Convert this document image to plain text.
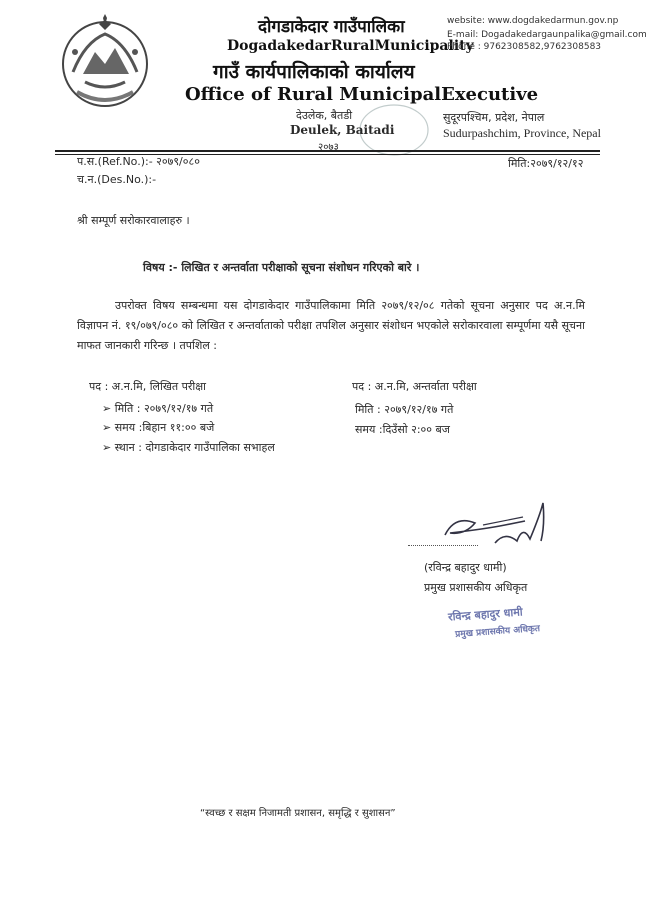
दोगडाकेदार गाउँपालिका
DogadakedarRuralMunicipality
गाउँ कार्यपालिकाको कार्यालय
Office of Rural MunicipalExecutive
website: www.dogdakedarmun.gov.np
E-mail: Dogadakedargaunpalika@gmail.com
Phone : 9762308582,9762308583
देउलेक, बैतडी
Deulek, Baitadi
२०७३
सुदूरपश्चिम, प्रदेश, नेपाल
Sudurpashchim, Province, Nepal
प.स.(Ref.No.):- २०७९/०८०
च.न.(Des.No.):-
मिति:२०७९/१२/१२
श्री सम्पूर्ण सरोकारवालाहरु ।
विषय :- लिखित र अन्तर्वाता परीक्षाको सूचना संशोधन गरिएको बारे ।
उपरोक्त विषय सम्बन्धमा यस दोगडाकेदार गाउँपालिकामा मिति २०७९/१२/०८ गतेको सूचना अनुसार पद अ.न.मि विज्ञापन नं. १९/०७९/०८० को लिखित र अन्तर्वाताको परीक्षा तपशिल अनुसार संशोधन भएकोले सरोकारवाला सम्पूर्णमा यसै सूचना माफत जानकारी गरिन्छ । तपशिल :
पद : अ.न.मि, लिखित परीक्षा	पद : अ.न.मि, अन्तर्वाता परीक्षा
➢ मिति : २०७९/१२/१७ गते
➢ समय :बिहान ११:०० बजे
➢ स्थान : दोगडाकेदार गाउँपालिका सभाहल
मिति : २०७९/१२/१७ गते
समय :दिउँसो २:०० बज
(रविन्द्र बहादुर धामी)
प्रमुख प्रशासकीय अधिकृत
रविन्द्र बहादुर धामी
प्रमुख प्रशासकीय अधिकृत
“स्वच्छ र सक्षम निजामती प्रशासन, समृद्धि र सुशासन”
